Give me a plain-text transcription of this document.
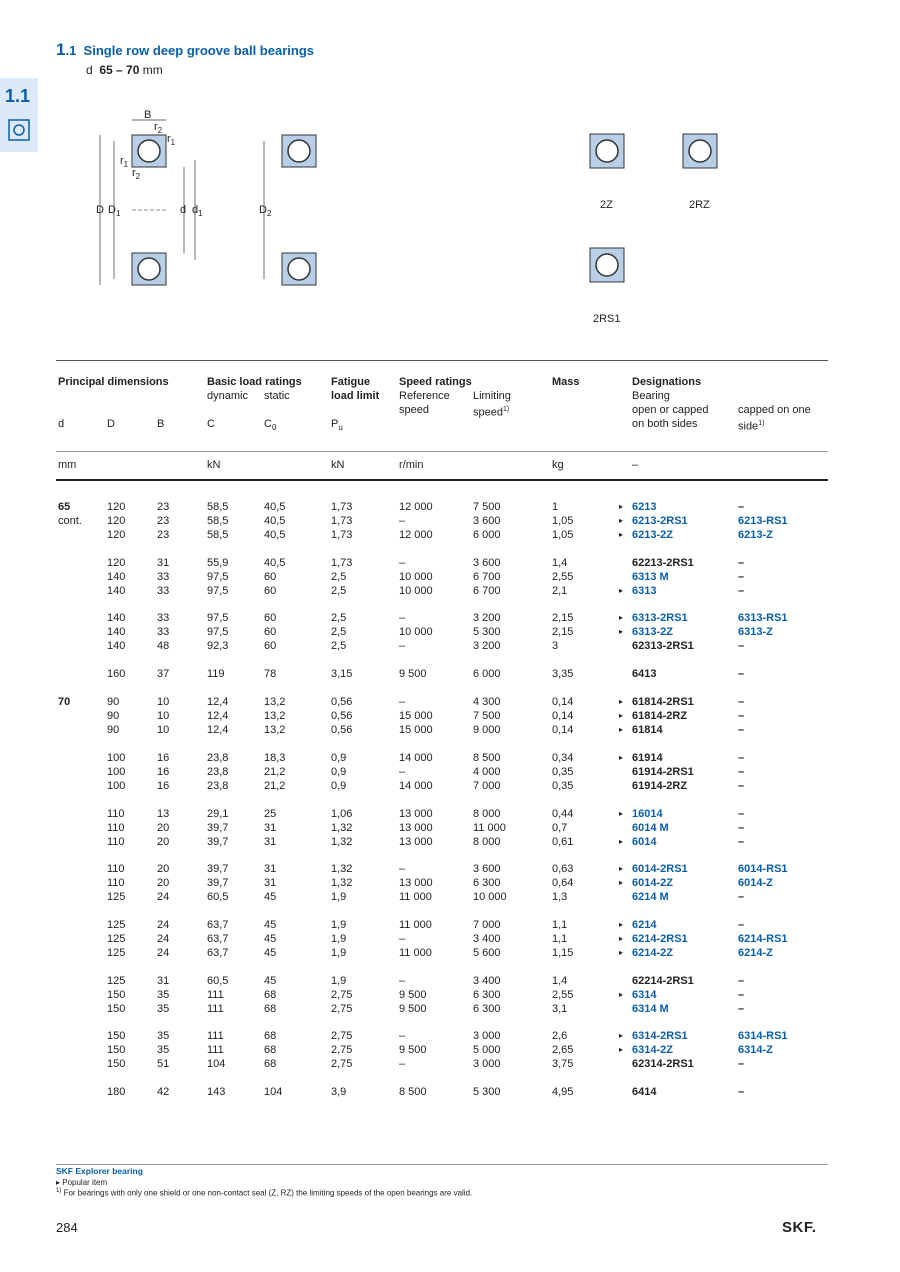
1.1 Single row deep groove ball bearings
d 65 – 70 mm
1.1
B
$r_2$
$r_1$
$r_1$
$r_2$
D $D_1$	d $d_1$	$D_2$
2Z	2RZ
2RS1
Principal dimensions	Basic load ratings
dynamic static
Fatigue
load limit
Speed ratings
Reference
speed
Limiting
speed$^{1)}$
Mass	Designations
Bearing
open or capped
on both sides
capped on one
side$^{1)}$
d	D	B	C	$C_0$	$P_u$
mm	kN	kN	r/min	kg	–
65	120	23	58,5	40,5	1,73	12 000	7 500	1	▸ 6213	–
cont. 120	23	58,5	40,5	1,73	–	3 600	1,05	▸ 6213-2RS1	6213-RS1
120	23	58,5	40,5	1,73	12 000	6 000	1,05	▸ 6213-2Z	6213-Z
120	31	55,9	40,5	1,73	–	3 600	1,4	62213-2RS1	–
140	33	97,5	60	2,5	10 000	6 700	2,55	6313 M	–
140	33	97,5	60	2,5	10 000	6 700	2,1	▸ 6313	–
140	33	97,5	60	2,5	–	3 200	2,15	▸ 6313-2RS1	6313-RS1
140	33	97,5	60	2,5	10 000	5 300	2,15	▸ 6313-2Z	6313-Z
140	48	92,3	60	2,5	–	3 200	3	62313-2RS1	–
160	37	119	78	3,15	9 500	6 000	3,35	6413	–
70	90	10	12,4	13,2	0,56	–	4 300	0,14	▸ 61814-2RS1	–
90	10	12,4	13,2	0,56	15 000	7 500	0,14	▸ 61814-2RZ	–
90	10	12,4	13,2	0,56	15 000	9 000	0,14	▸ 61814	–
100	16	23,8	18,3	0,9	14 000	8 500	0,34	▸ 61914	–
100	16	23,8	21,2	0,9	–	4 000	0,35	61914-2RS1	–
100	16	23,8	21,2	0,9	14 000	7 000	0,35	61914-2RZ	–
110	13	29,1	25	1,06	13 000	8 000	0,44	▸ 16014	–
110	20	39,7	31	1,32	13 000	11 000	0,7	6014 M	–
110	20	39,7	31	1,32	13 000	8 000	0,61	▸ 6014	–
110	20	39,7	31	1,32	–	3 600	0,63	▸ 6014-2RS1	6014-RS1
110	20	39,7	31	1,32	13 000	6 300	0,64	▸ 6014-2Z	6014-Z
125	24	60,5	45	1,9	11 000	10 000	1,3	6214 M	–
125	24	63,7	45	1,9	11 000	7 000	1,1	▸ 6214	–
125	24	63,7	45	1,9	–	3 400	1,1	▸ 6214-2RS1	6214-RS1
125	24	63,7	45	1,9	11 000	5 600	1,15	▸ 6214-2Z	6214-Z
125	31	60,5	45	1,9	–	3 400	1,4	62214-2RS1	–
150	35	111	68	2,75	9 500	6 300	2,55	▸ 6314	–
150	35	111	68	2,75	9 500	6 300	3,1	6314 M	–
150	35	111	68	2,75	–	3 000	2,6	▸ 6314-2RS1	6314-RS1
150	35	111	68	2,75	9 500	5 000	2,65	▸ 6314-2Z	6314-Z
150	51	104	68	2,75	–	3 000	3,75	62314-2RS1	–
180	42	143	104	3,9	8 500	5 300	4,95	6414	–
SKF Explorer bearing
▸ Popular item
$^{1)}$ For bearings with only one shield or one non-contact seal (Z, RZ) the limiting speeds of the open bearings are valid.
284	SKF.
